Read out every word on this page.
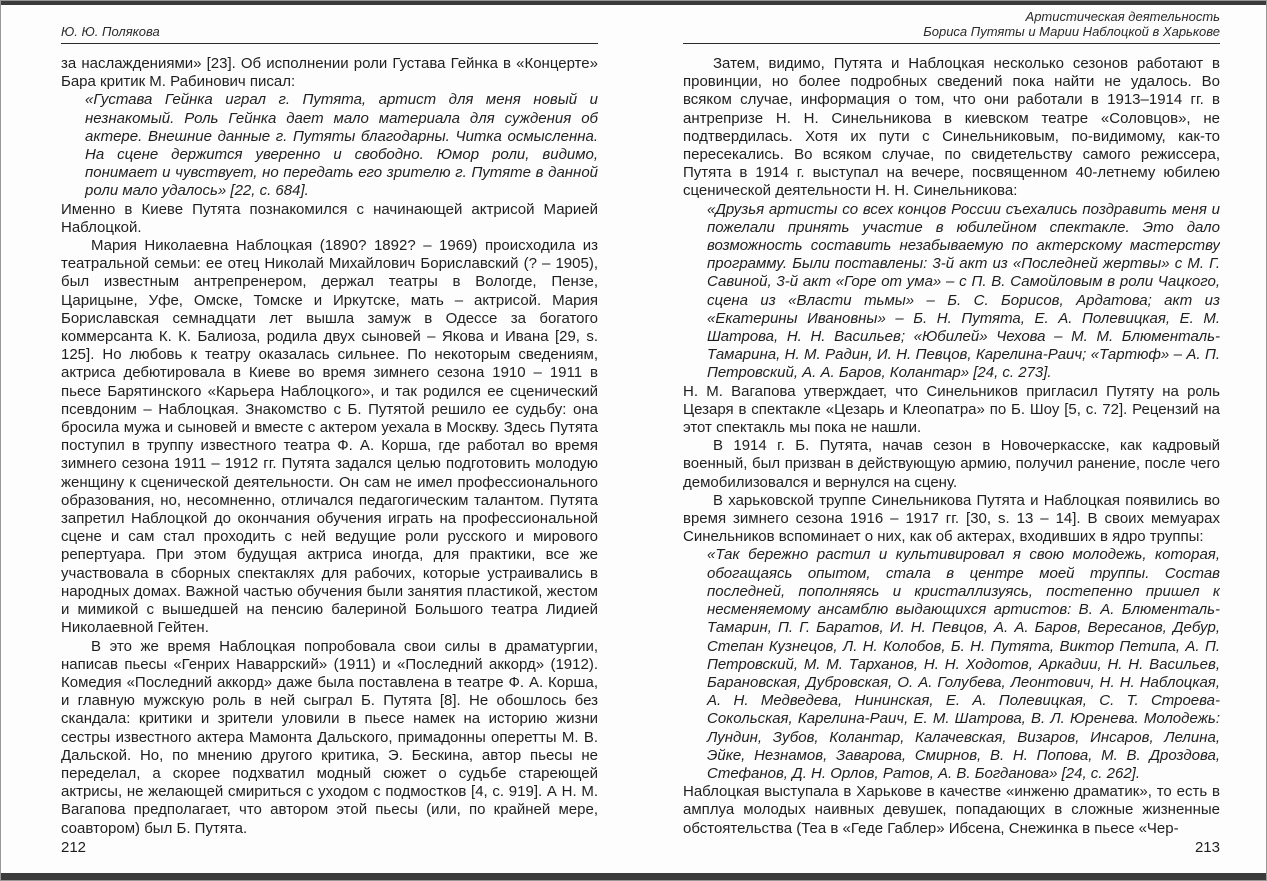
Ю. Ю. Полякова

за наслаждениями» [23]. Об исполнении роли Густава Гейнка в «Концерте» Бара критик М. Рабинович писал:

«Густава Гейнка играл г. Путята, артист для меня новый и незнакомый. Роль Гейнка дает мало материала для суждения об актере. Внешние данные г. Путяты благодарны. Читка осмысленна. На сцене держится уверенно и свободно. Юмор роли, видимо, понимает и чувствует, но передать его зрителю г. Путяте в данной роли мало удалось» [22, с. 684].

Именно в Киеве Путята познакомился с начинающей актрисой Марией Наблоцкой.

Мария Николаевна Наблоцкая (1890? 1892? – 1969) происходила из театральной семьи: ее отец Николай Михайлович Бориславский (? – 1905), был известным антрепренером, держал театры в Вологде, Пензе, Царицыне, Уфе, Омске, Томске и Иркутске, мать – актрисой. Мария Бориславская семнадцати лет вышла замуж в Одессе за богатого коммерсанта К. К. Балиоза, родила двух сыновей – Якова и Ивана [29, s. 125]. Но любовь к театру оказалась сильнее. По некоторым сведениям, актриса дебютировала в Киеве во время зимнего сезона 1910 – 1911 в пьесе Барятинского «Карьера Наблоцкого», и так родился ее сценический псевдоним – Наблоцкая. Знакомство с Б. Путятой решило ее судьбу: она бросила мужа и сыновей и вместе с актером уехала в Москву. Здесь Путята поступил в труппу известного театра Ф. А. Корша, где работал во время зимнего сезона 1911 – 1912 гг. Путята задался целью подготовить молодую женщину к сценической деятельности. Он сам не имел профессионального образования, но, несомненно, отличался педагогическим талантом. Путята запретил Наблоцкой до окончания обучения играть на профессиональной сцене и сам стал проходить с ней ведущие роли русского и мирового репертуара. При этом будущая актриса иногда, для практики, все же участвовала в сборных спектаклях для рабочих, которые устраивались в народных домах. Важной частью обучения были занятия пластикой, жестом и мимикой с вышедшей на пенсию балериной Большого театра Лидией Николаевной Гейтен.

В это же время Наблоцкая попробовала свои силы в драматургии, написав пьесы «Генрих Наваррский» (1911) и «Последний аккорд» (1912). Комедия «Последний аккорд» даже была поставлена в театре Ф. А. Корша, и главную мужскую роль в ней сыграл Б. Путята [8]. Не обошлось без скандала: критики и зрители уловили в пьесе намек на историю жизни сестры известного актера Мамонта Дальского, примадонны оперетты М. В. Дальской. Но, по мнению другого критика, Э. Бескина, автор пьесы не переделал, а скорее подхватил модный сюжет о судьбе стареющей актрисы, не желающей смириться с уходом с подмостков [4, с. 919]. А Н. М. Вагапова предполагает, что автором этой пьесы (или, по крайней мере, соавтором) был Б. Путята.

Артистическая деятельность
Бориса Путяты и Марии Наблоцкой в Харькове

Затем, видимо, Путята и Наблоцкая несколько сезонов работают в провинции, но более подробных сведений пока найти не удалось. Во всяком случае, информация о том, что они работали в 1913–1914 гг. в антрепризе Н. Н. Синельникова в киевском театре «Соловцов», не подтвердилась. Хотя их пути с Синельниковым, по-видимому, как-то пересекались. Во всяком случае, по свидетельству самого режиссера, Путята в 1914 г. выступал на вечере, посвященном 40-летнему юбилею сценической деятельности Н. Н. Синельникова:

«Друзья артисты со всех концов России съехались поздравить меня и пожелали принять участие в юбилейном спектакле. Это дало возможность составить незабываемую по актерскому мастерству программу. Были поставлены: 3-й акт из «Последней жертвы» с М. Г. Савиной, 3-й акт «Горе от ума» – с П. В. Самойловым в роли Чацкого, сцена из «Власти тьмы» – Б. С. Борисов, Ардатова; акт из «Екатерины Ивановны» – Б. Н. Путята, Е. А. Полевицкая, Е. М. Шатрова, Н. Н. Васильев; «Юбилей» Чехова – М. М. Блюменталь-Тамарина, Н. М. Радин, И. Н. Певцов, Карелина-Раич; «Тартюф» – А. П. Петровский, А. А. Баров, Колантар» [24, с. 273].

Н. М. Вагапова утверждает, что Синельников пригласил Путяту на роль Цезаря в спектакле «Цезарь и Клеопатра» по Б. Шоу [5, с. 72]. Рецензий на этот спектакль мы пока не нашли.

В 1914 г. Б. Путята, начав сезон в Новочеркасске, как кадровый военный, был призван в действующую армию, получил ранение, после чего демобилизовался и вернулся на сцену.

В харьковской труппе Синельникова Путята и Наблоцкая появились во время зимнего сезона 1916 – 1917 гг. [30, s. 13 – 14]. В своих мемуарах Синельников вспоминает о них, как об актерах, входивших в ядро труппы:

«Так бережно растил и культивировал я свою молодежь, которая, обогащаясь опытом, стала в центре моей труппы. Состав последней, пополняясь и кристаллизуясь, постепенно пришел к несменяемому ансамблю выдающихся артистов: В. А. Блюменталь-Тамарин, П. Г. Баратов, И. Н. Певцов, А. А. Баров, Вересанов, Дебур, Степан Кузнецов, Л. Н. Колобов, Б. Н. Путята, Виктор Петипа, А. П. Петровский, М. М. Тарханов, Н. Н. Ходотов, Аркадии, Н. Н. Васильев, Барановская, Дубровская, О. А. Голубева, Леонтович, Н. Н. Наблоцкая, А. Н. Медведева, Нининская, Е. А. Полевицкая, С. Т. Строева-Сокольская, Карелина-Раич, Е. М. Шатрова, В. Л. Юренева. Молодежь: Лундин, Зубов, Колантар, Калачевская, Визаров, Инсаров, Лелина, Эйке, Незнамов, Заварова, Смирнов, В. Н. Попова, М. В. Дроздова, Стефанов, Д. Н. Орлов, Ратов, А. В. Богданова» [24, с. 262].

Наблоцкая выступала в Харькове в качестве «инженю драматик», то есть в амплуа молодых наивных девушек, попадающих в сложные жизненные обстоятельства (Теа в «Геде Габлер» Ибсена, Снежинка в пьесе «Чер-

212	213
